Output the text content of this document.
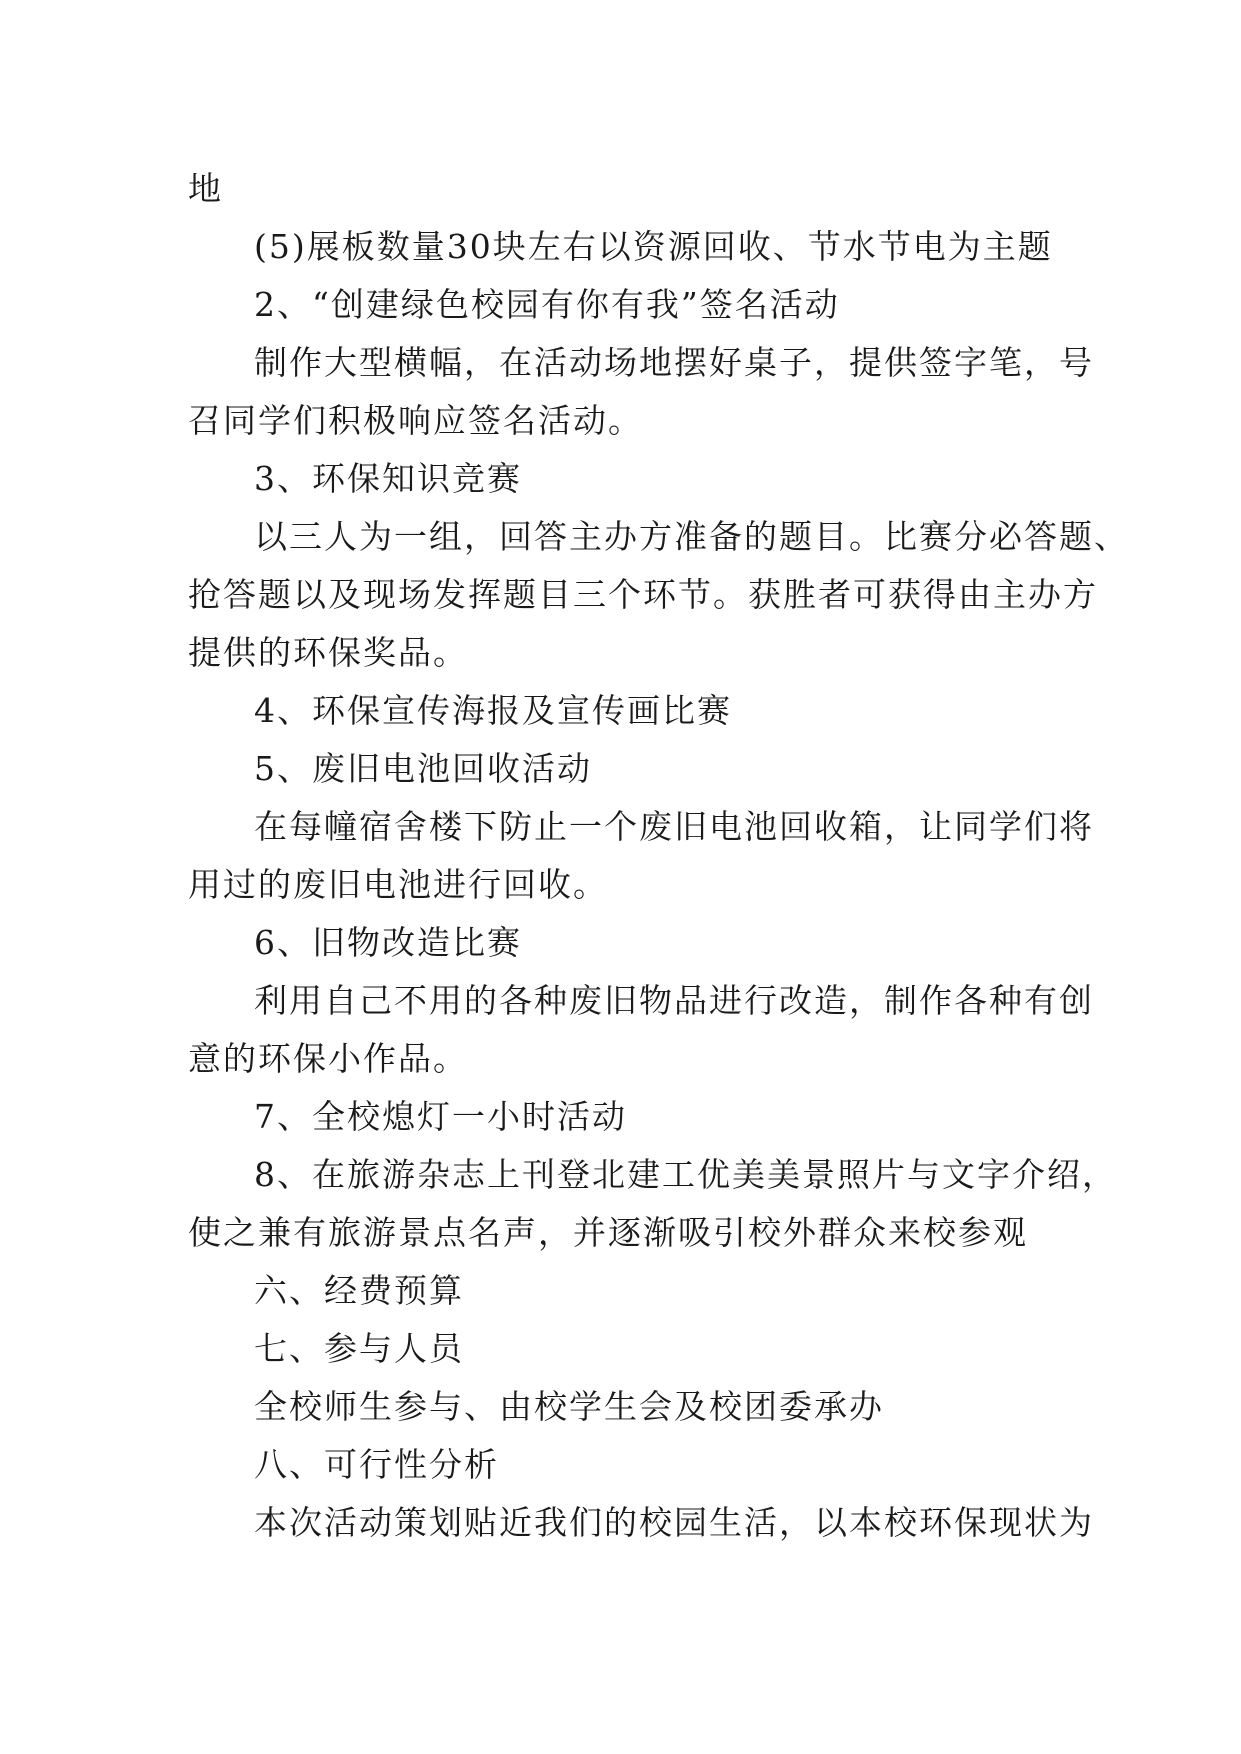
地
(5)展板数量30块左右以资源回收、节水节电为主题
2、“创建绿色校园有你有我”签名活动
制作大型横幅，在活动场地摆好桌子，提供签字笔，号
召同学们积极响应签名活动。
3、环保知识竞赛
以三人为一组，回答主办方准备的题目。比赛分必答题、
抢答题以及现场发挥题目三个环节。获胜者可获得由主办方
提供的环保奖品。
4、环保宣传海报及宣传画比赛
5、废旧电池回收活动
在每幢宿舍楼下防止一个废旧电池回收箱，让同学们将
用过的废旧电池进行回收。
6、旧物改造比赛
利用自己不用的各种废旧物品进行改造，制作各种有创
意的环保小作品。
7、全校熄灯一小时活动
8、在旅游杂志上刊登北建工优美美景照片与文字介绍，
使之兼有旅游景点名声，并逐渐吸引校外群众来校参观
六、经费预算
七、参与人员
全校师生参与、由校学生会及校团委承办
八、可行性分析
本次活动策划贴近我们的校园生活，以本校环保现状为
